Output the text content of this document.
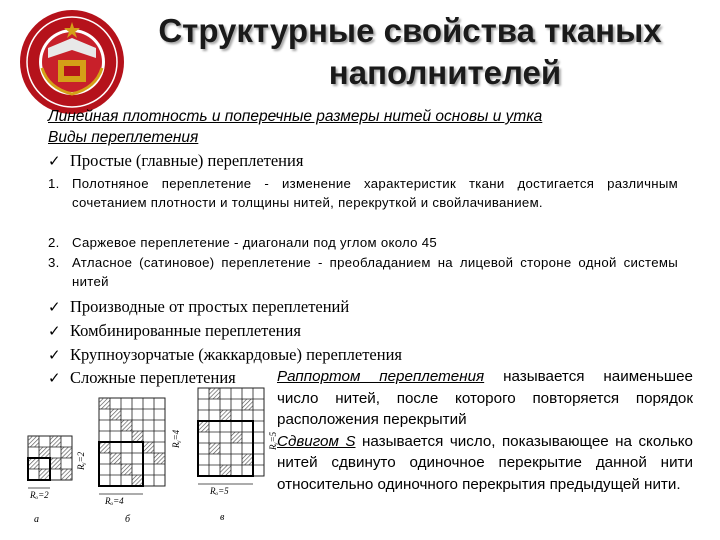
Структурные свойства тканых
наполнителей
Линейная плотность и поперечные размеры нитей основы и утка
Виды переплетения
✓ Простые (главные) переплетения
1. Полотняное переплетение - изменение характеристик ткани достигается различным сочетанием плотности и толщины нитей, перекруткой и свойлачиванием.
2. Саржевое переплетение - диагонали под углом около 45
3. Атласное (сатиновое) переплетение - преобладанием на лицевой стороне одной системы нитей
✓ Производные от простых переплетений
✓ Комбинированные переплетения
✓ Крупноузорчатые (жаккардовые) переплетения
✓ Сложные переплетения	Раппортом переплетения называется наименьшее число нитей, после которого повторяется порядок расположения перекрытий
Сдвигом S называется число, показывающее на сколько нитей сдвинуто одиночное перекрытие данной нити относительно одиночного перекрытия предыдущей нити.
Rₒ=2
Rᵧ=2
а
Rₒ=4
Rᵧ=4
б
Rₒ=5
Rᵧ=5
в
